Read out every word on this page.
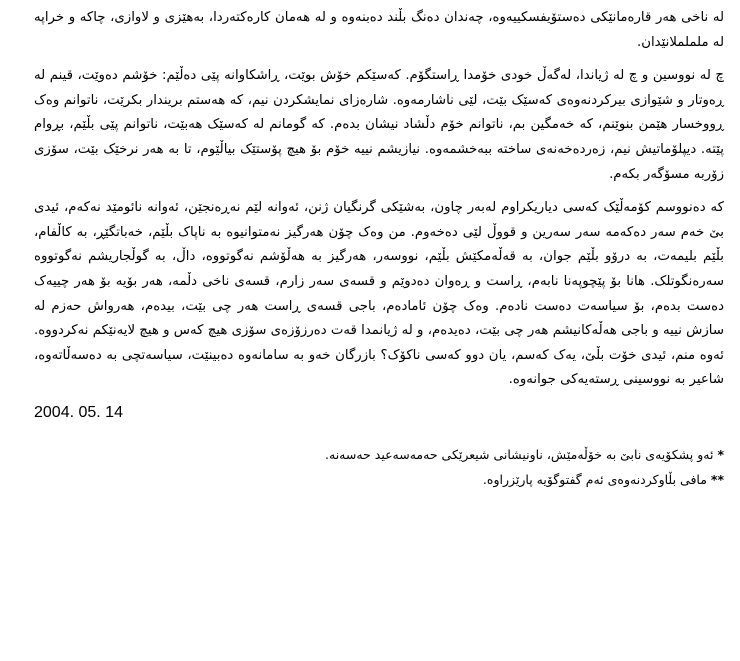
له ناخی هەر قارەمانێکی دەستۆیفسکییەوە، چەندان دەنگ بڵند دەبنەوە و له هەمان کارەکتەردا، بەهێزی و لاوازی، چاکە و خراپە لە ملململانێدان.

چ لە نووسین و چ لە ژیاندا، لەگەڵ خودی خۆمدا ڕاستگۆم. کەسێکم خۆش بوێت، ڕاشکاوانە پێی دەڵێم: خۆشم دەوێت، قینم لە ڕەوتار و شێوازی بیرکردنەوەی کەسێک بێت، لێی ناشارمەوە. شارەزای نمایشکردن نیم، کە هەستم بریندار بکرێت، ناتوانم وەک ڕووخسار هێمن بنوێنم، کە خەمگین بم، ناتوانم خۆم دڵشاد نیشان بدەم. کە گومانم لە کەسێک هەبێت، ناتوانم پێی بڵێم، بڕوام پێتە. دیپلۆماتیش نیم، زەردەخەنەی ساختە ببەخشمەوە. نیازیشم نییە خۆم بۆ هیچ پۆستێک بیاڵێوم، تا بە هەر نرخێک بێت، سۆزی زۆربە مسۆگەر بکەم.

کە دەنووسم کۆمەڵێک کەسی دیاریکراوم لەبەر چاون، بەشێکی گرنگیان ژنن، ئەوانە لێم نەڕەنجێن، ئەوانە نائومێد نەکەم، ئیدی بێ خەم سەر دەکەمە سەر سەرین و قووڵ لێی دەخەوم. من وەک چۆن هەرگیز نەمتوانیوە بە ناپاک بڵێم، خەباتگێڕ، بە کاڵفام، بڵێم بلیمەت، بە درۆو بڵێم جوان، بە قەڵەمکێش بڵێم، نووسەر، هەرگیز بە هەڵۆشم نەگوتووە، داڵ، بە گوڵجاریشم نەگوتووە سەرەنگوتلک. هانا بۆ پێچوپەنا نابەم، ڕاست و ڕەوان دەدوێم و قسەی سەر زارم، قسەی ناخی دڵمە، هەر بۆیە بۆ هەر چییەک دەست بدەم، بۆ سیاسەت دەست نادەم. وەک چۆن ئامادەم، باجی قسەی ڕاست هەر چی بێت، بیدەم، هەرواش حەزم لە سازش نییە و باجی هەڵەکانیشم هەر چی بێت، دەیدەم، و لە ژیانمدا قەت دەرزۆزەی سۆزی هیچ کەس و هیچ لایەنێکم نەکردووە. ئەوە منم، ئیدی خۆت بڵێ، یەک کەسم، یان دوو کەسی ناکۆک؟ بازرگان خەو بە سامانەوە دەبینێت، سیاسەتچی بە دەسەڵاتەوە، شاعیر بە نووسینی ڕستەیەکی جوانەوە.

2004. 05. 14

*ئەو پشکۆیەی نابێ بە خۆڵەمێش، ناونیشانی شیعرێکی حەمەسەعید حەسەنە.

**مافی بڵاوکردنەوەی ئەم گفتوگۆیە پارێزراوە.
